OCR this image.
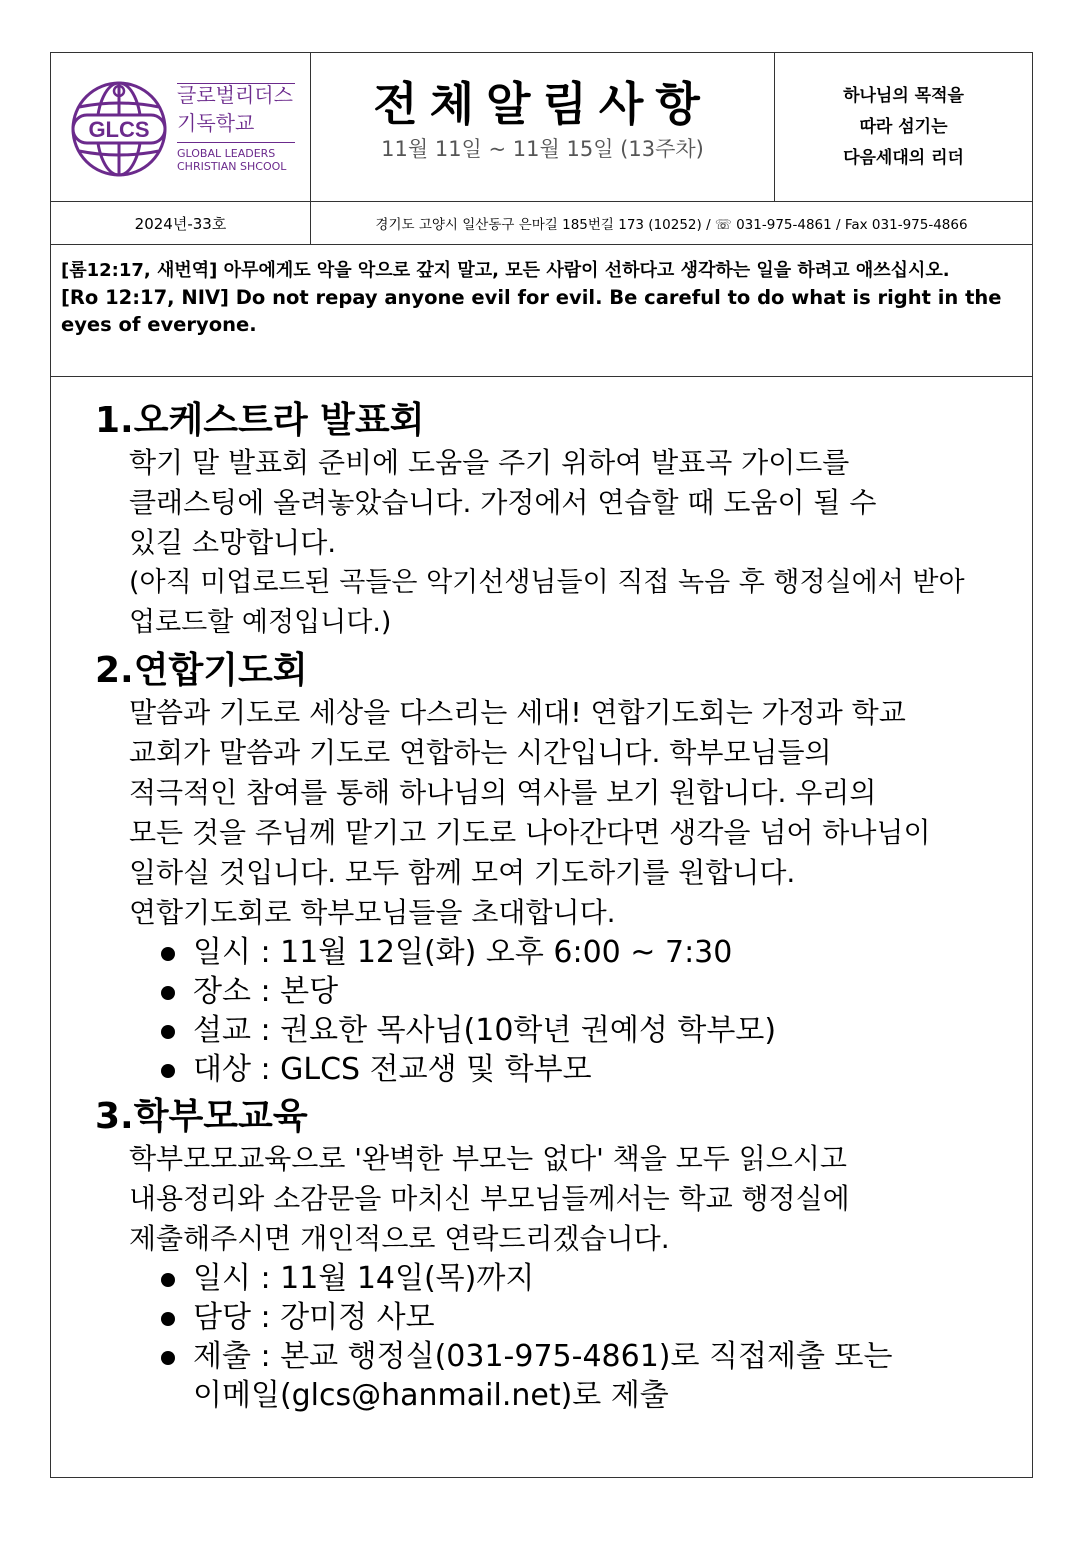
GLCS
글로벌리더스
기독학교
GLOBAL LEADERS
CHRISTIAN SHCOOL
전체알림사항
11월 11일 ~ 11월 15일 (13주차)
하나님의 목적을
따라 섬기는
다음세대의 리더
2024년-33호	경기도 고양시 일산동구 은마길 185번길 173 (10252) / ☏ 031-975-4861 / Fax 031-975-4866

[롬12:17, 새번역] 아무에게도 악을 악으로 갚지 말고, 모든 사람이 선하다고 생각하는 일을 하려고 애쓰십시오.

[Ro 12:17, NIV] Do not repay anyone evil for evil. Be careful to do what is right in the eyes of everyone.

1.오케스트라 발표회

학기 말 발표회 준비에 도움을 주기 위하여 발표곡 가이드를

클래스팅에 올려놓았습니다. 가정에서 연습할 때 도움이 될 수

있길 소망합니다.

(아직 미업로드된 곡들은 악기선생님들이 직접 녹음 후 행정실에서 받아

업로드할 예정입니다.)

2.연합기도회

말씀과 기도로 세상을 다스리는 세대! 연합기도회는 가정과 학교

교회가 말씀과 기도로 연합하는 시간입니다. 학부모님들의

적극적인 참여를 통해 하나님의 역사를 보기 원합니다. 우리의

모든 것을 주님께 맡기고 기도로 나아간다면 생각을 넘어 하나님이

일하실 것입니다. 모두 함께 모여 기도하기를 원합니다.

연합기도회로 학부모님들을 초대합니다.

일시 : 11월 12일(화) 오후 6:00 ~ 7:30
장소 : 본당
설교 : 권요한 목사님(10학년 권예성 학부모)
대상 : GLCS 전교생 및 학부모
3.학부모교육

학부모모교육으로 '완벽한 부모는 없다' 책을 모두 읽으시고

내용정리와 소감문을 마치신 부모님들께서는 학교 행정실에

제출해주시면 개인적으로 연락드리겠습니다.

일시 : 11월 14일(목)까지
담당 : 강미정 사모
제출 : 본교 행정실(031-975-4861)로 직접제출 또는
이메일(glcs@hanmail.net)로 제출
